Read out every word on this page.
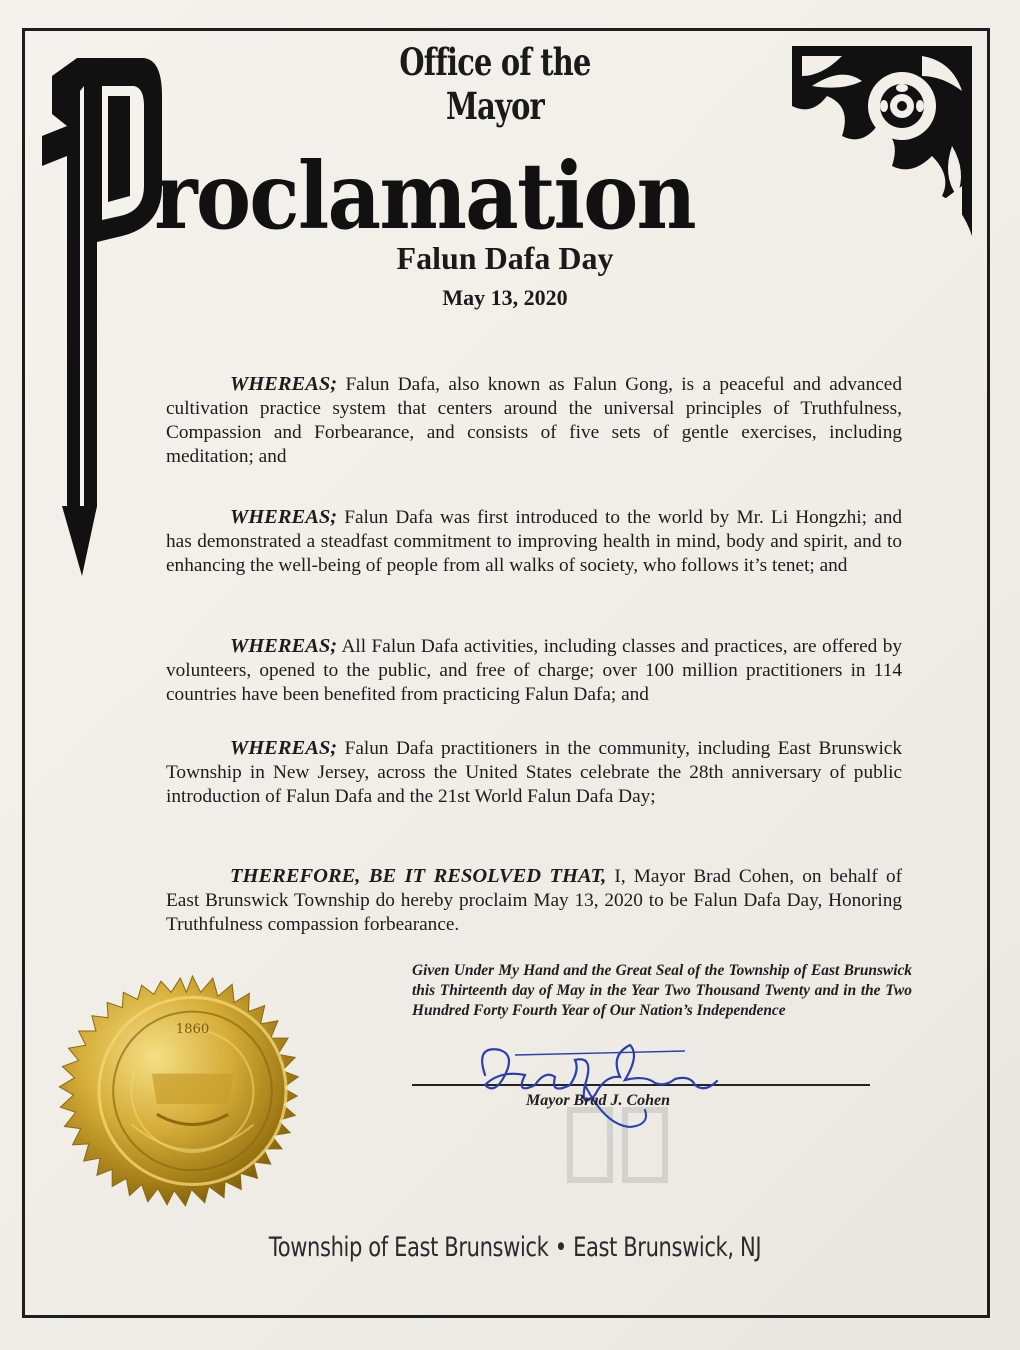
Office of the Mayor
roclamation
Falun Dafa Day
May 13, 2020

WHEREAS; Falun Dafa, also known as Falun Gong, is a peaceful and advanced cultivation practice system that centers around the universal principles of Truthfulness, Compassion and Forbearance, and consists of five sets of gentle exercises, including meditation; and

WHEREAS; Falun Dafa was first introduced to the world by Mr. Li Hongzhi; and has demonstrated a steadfast commitment to improving health in mind, body and spirit, and to enhancing the well-being of people from all walks of society, who follows it’s tenet; and

WHEREAS; All Falun Dafa activities, including classes and practices, are offered by volunteers, opened to the public, and free of charge; over 100 million practitioners in 114 countries have been benefited from practicing Falun Dafa; and

WHEREAS; Falun Dafa practitioners in the community, including East Brunswick Township in New Jersey, across the United States celebrate the 28th anniversary of public introduction of Falun Dafa and the 21st World Falun Dafa Day;

THEREFORE, BE IT RESOLVED THAT, I, Mayor Brad Cohen, on behalf of East Brunswick Township do hereby proclaim May 13, 2020 to be Falun Dafa Day, Honoring Truthfulness compassion forbearance.

Given Under My Hand and the Great Seal of the Township of East Brunswick this Thirteenth day of May in the Year Two Thousand Twenty and in the Two Hundred Forty Fourth Year of Our Nation’s Independence
Mayor Brad J. Cohen
1860
Township of East Brunswick • East Brunswick, NJ
